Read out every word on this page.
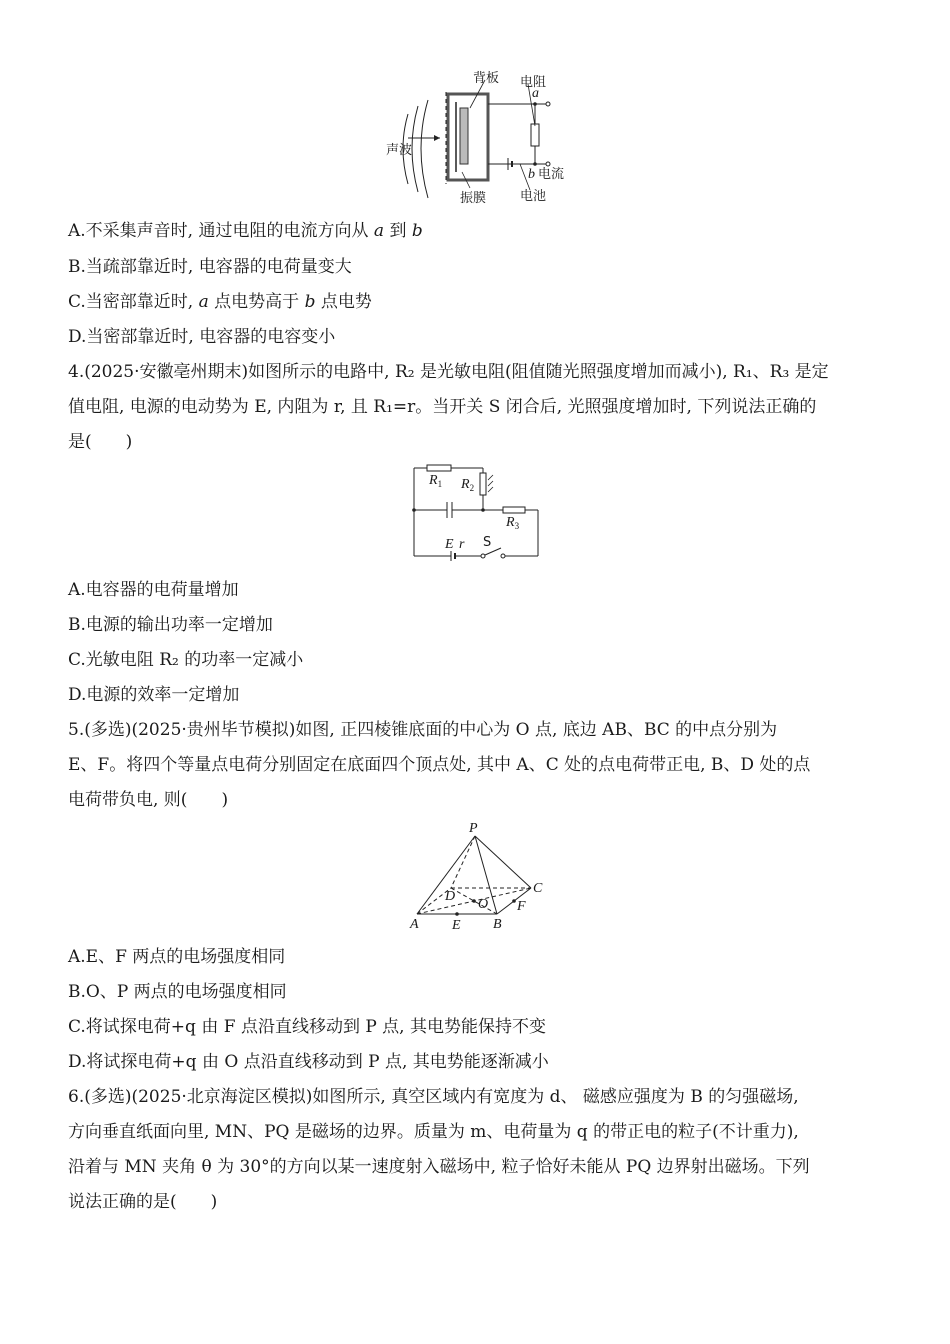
背板 电阻
a
声波
b 电流
振膜	电池
A.不采集声音时, 通过电阻的电流方向从 a 到 b
B.当疏部靠近时, 电容器的电荷量变大
C.当密部靠近时, a 点电势高于 b 点电势
D.当密部靠近时, 电容器的电容变小
4.(2025·安徽亳州期末)如图所示的电路中, R₂ 是光敏电阻(阻值随光照强度增加而减小), R₁、R₃ 是定
值电阻, 电源的电动势为 E, 内阻为 r, 且 R₁=r。当开关 S 闭合后, 光照强度增加时, 下列说法正确的
是(　　)
$R_1$ $R_2$
$R_3$
E r S
A.电容器的电荷量增加
B.电源的输出功率一定增加
C.光敏电阻 R₂ 的功率一定减小
D.电源的效率一定增加
5.(多选)(2025·贵州毕节模拟)如图, 正四棱锥底面的中心为 O 点, 底边 AB、BC 的中点分别为
E、F。将四个等量点电荷分别固定在底面四个顶点处, 其中 A、C 处的点电荷带正电, B、D 处的点
电荷带负电, 则(　　)
P
D
O
C
F
A E B
A.E、F 两点的电场强度相同
B.O、P 两点的电场强度相同
C.将试探电荷+q 由 F 点沿直线移动到 P 点, 其电势能保持不变
D.将试探电荷+q 由 O 点沿直线移动到 P 点, 其电势能逐渐减小
6.(多选)(2025·北京海淀区模拟)如图所示, 真空区域内有宽度为 d、 磁感应强度为 B 的匀强磁场,
方向垂直纸面向里, MN、PQ 是磁场的边界。质量为 m、电荷量为 q 的带正电的粒子(不计重力),
沿着与 MN 夹角 θ 为 30°的方向以某一速度射入磁场中, 粒子恰好未能从 PQ 边界射出磁场。下列
说法正确的是(　　)
